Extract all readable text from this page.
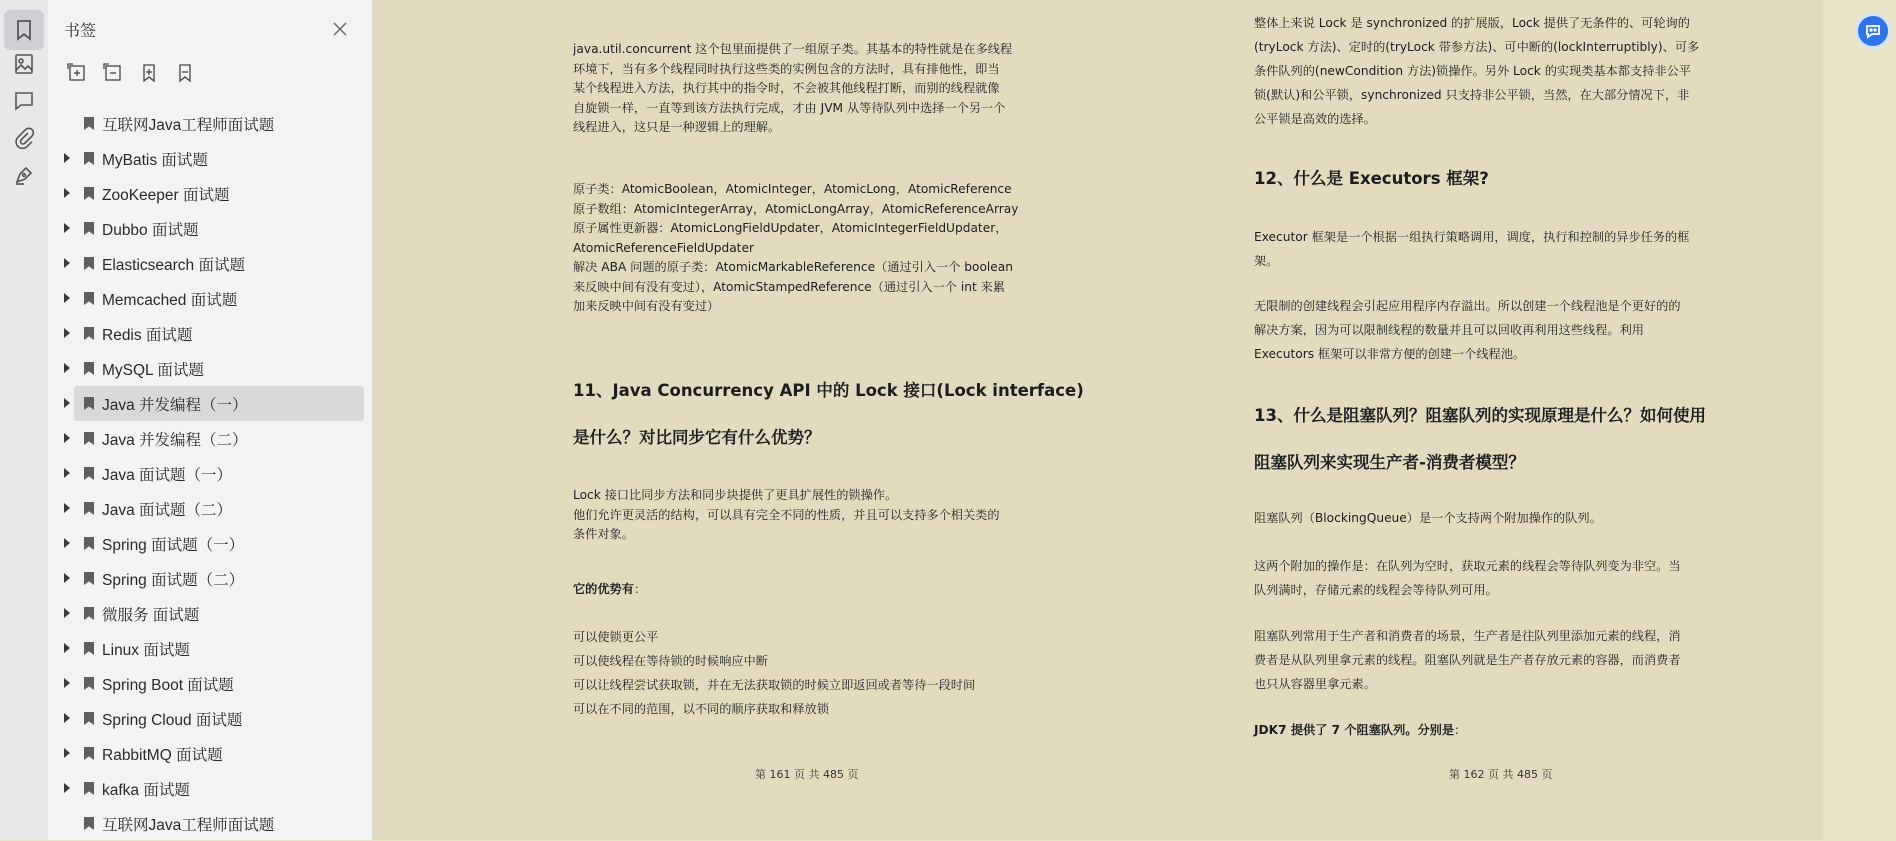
书签
互联网Java工程师面试题
MyBatis 面试题
ZooKeeper 面试题
Dubbo 面试题
Elasticsearch 面试题
Memcached 面试题
Redis 面试题
MySQL 面试题
Java 并发编程（一）
Java 并发编程（二）
Java 面试题（一）
Java 面试题（二）
Spring 面试题（一）
Spring 面试题（二）
微服务 面试题
Linux 面试题
Spring Boot 面试题
Spring Cloud 面试题
RabbitMQ 面试题
kafka 面试题
互联网Java工程师面试题
java.util.concurrent 这个包里面提供了一组原子类。其基本的特性就是在多线程
环境下，当有多个线程同时执行这些类的实例包含的方法时，具有排他性，即当
某个线程进入方法，执行其中的指令时，不会被其他线程打断，而别的线程就像
自旋锁一样，一直等到该方法执行完成，才由 JVM 从等待队列中选择一个另一个
线程进入，这只是一种逻辑上的理解。
原子类：AtomicBoolean，AtomicInteger，AtomicLong，AtomicReference
原子数组：AtomicIntegerArray，AtomicLongArray，AtomicReferenceArray
原子属性更新器：AtomicLongFieldUpdater，AtomicIntegerFieldUpdater，
AtomicReferenceFieldUpdater
解决 ABA 问题的原子类：AtomicMarkableReference（通过引入一个 boolean
来反映中间有没有变过），AtomicStampedReference（通过引入一个 int 来累
加来反映中间有没有变过）
11、Java Concurrency API 中的 Lock 接口(Lock interface)
是什么？对比同步它有什么优势？
Lock 接口比同步方法和同步块提供了更具扩展性的锁操作。
他们允许更灵活的结构，可以具有完全不同的性质，并且可以支持多个相关类的
条件对象。
它的优势有：
可以使锁更公平
可以使线程在等待锁的时候响应中断
可以让线程尝试获取锁，并在无法获取锁的时候立即返回或者等待一段时间
可以在不同的范围，以不同的顺序获取和释放锁
第 161 页 共 485 页
整体上来说 Lock 是 synchronized 的扩展版，Lock 提供了无条件的、可轮询的
(tryLock 方法)、定时的(tryLock 带参方法)、可中断的(lockInterruptibly)、可多
条件队列的(newCondition 方法)锁操作。另外 Lock 的实现类基本都支持非公平
锁(默认)和公平锁，synchronized 只支持非公平锁，当然，在大部分情况下，非
公平锁是高效的选择。
12、什么是 Executors 框架?
Executor 框架是一个根据一组执行策略调用，调度，执行和控制的异步任务的框
架。
无限制的创建线程会引起应用程序内存溢出。所以创建一个线程池是个更好的的
解决方案，因为可以限制线程的数量并且可以回收再利用这些线程。利用
Executors 框架可以非常方便的创建一个线程池。
13、什么是阻塞队列？阻塞队列的实现原理是什么？如何使用
阻塞队列来实现生产者-消费者模型？
阻塞队列（BlockingQueue）是一个支持两个附加操作的队列。
这两个附加的操作是：在队列为空时，获取元素的线程会等待队列变为非空。当
队列满时，存储元素的线程会等待队列可用。
阻塞队列常用于生产者和消费者的场景，生产者是往队列里添加元素的线程，消
费者是从队列里拿元素的线程。阻塞队列就是生产者存放元素的容器，而消费者
也只从容器里拿元素。
JDK7 提供了 7 个阻塞队列。分别是：
第 162 页 共 485 页
